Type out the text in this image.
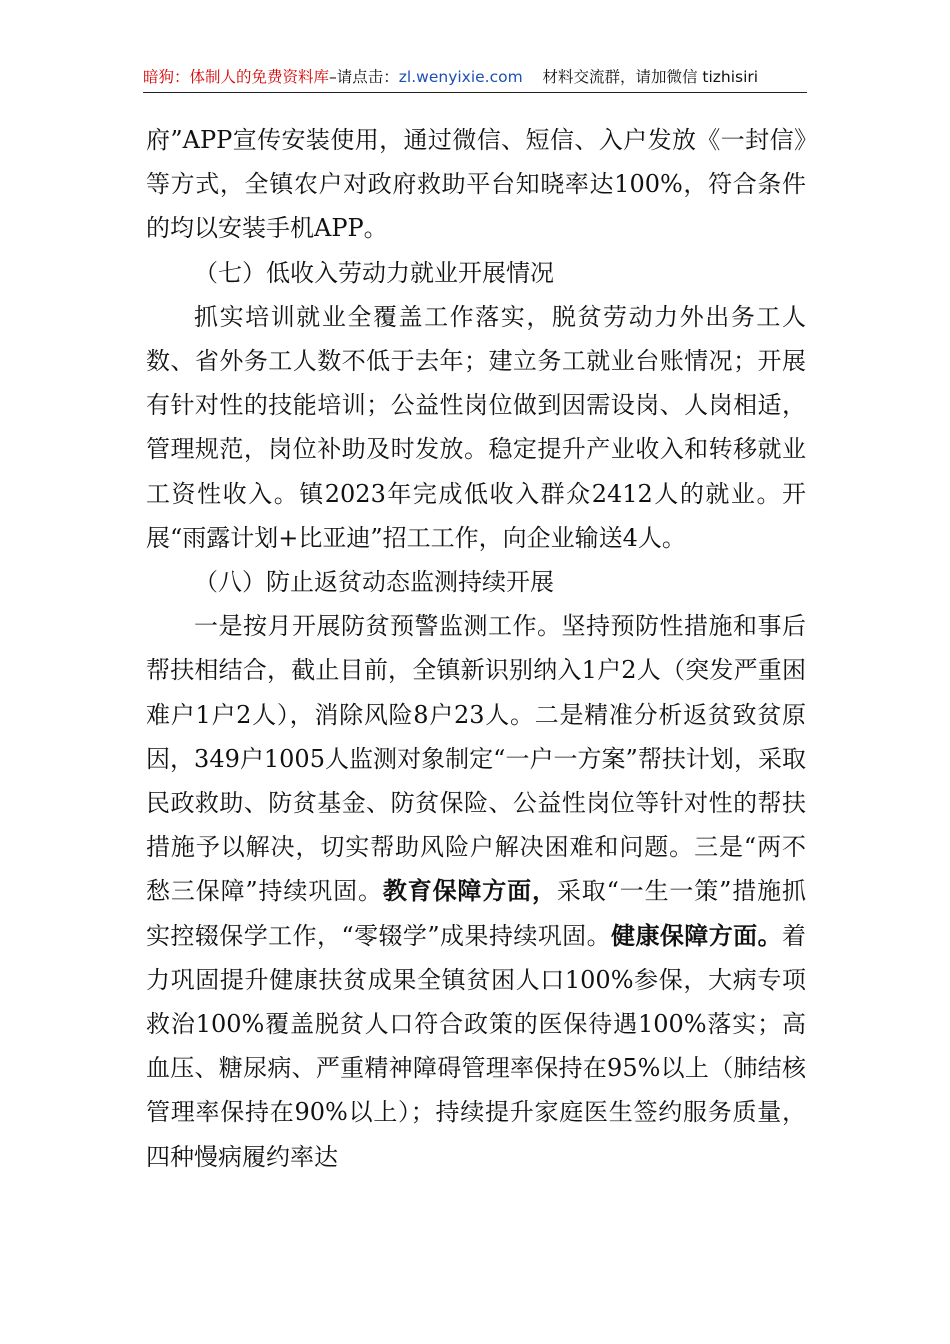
暗狗：体制人的免费资料库–请点击：zl.wenyixie.com 材料交流群，请加微信 tizhisiri

府”APP宣传安装使用，通过微信、短信、入户发放《一封信》等方式，全镇农户对政府救助平台知晓率达100%，符合条件的均以安装手机APP。

（七）低收入劳动力就业开展情况

抓实培训就业全覆盖工作落实，脱贫劳动力外出务工人数、省外务工人数不低于去年；建立务工就业台账情况；开展有针对性的技能培训；公益性岗位做到因需设岗、人岗相适，管理规范，岗位补助及时发放。稳定提升产业收入和转移就业工资性收入。镇2023年完成低收入群众2412人的就业。开展“雨露计划+比亚迪”招工工作，向企业输送4人。

（八）防止返贫动态监测持续开展

一是按月开展防贫预警监测工作。坚持预防性措施和事后帮扶相结合，截止目前，全镇新识别纳入1户2人（突发严重困难户1户2人），消除风险8户23人。二是精准分析返贫致贫原因，349户1005人监测对象制定“一户一方案”帮扶计划，采取民政救助、防贫基金、防贫保险、公益性岗位等针对性的帮扶措施予以解决，切实帮助风险户解决困难和问题。三是“两不愁三保障”持续巩固。教育保障方面，采取“一生一策”措施抓实控辍保学工作，“零辍学”成果持续巩固。健康保障方面。着力巩固提升健康扶贫成果全镇贫困人口100%参保，大病专项救治100%覆盖脱贫人口符合政策的医保待遇100%落实；高血压、糖尿病、严重精神障碍管理率保持在95%以上（肺结核管理率保持在90%以上）；持续提升家庭医生签约服务质量，四种慢病履约率达
